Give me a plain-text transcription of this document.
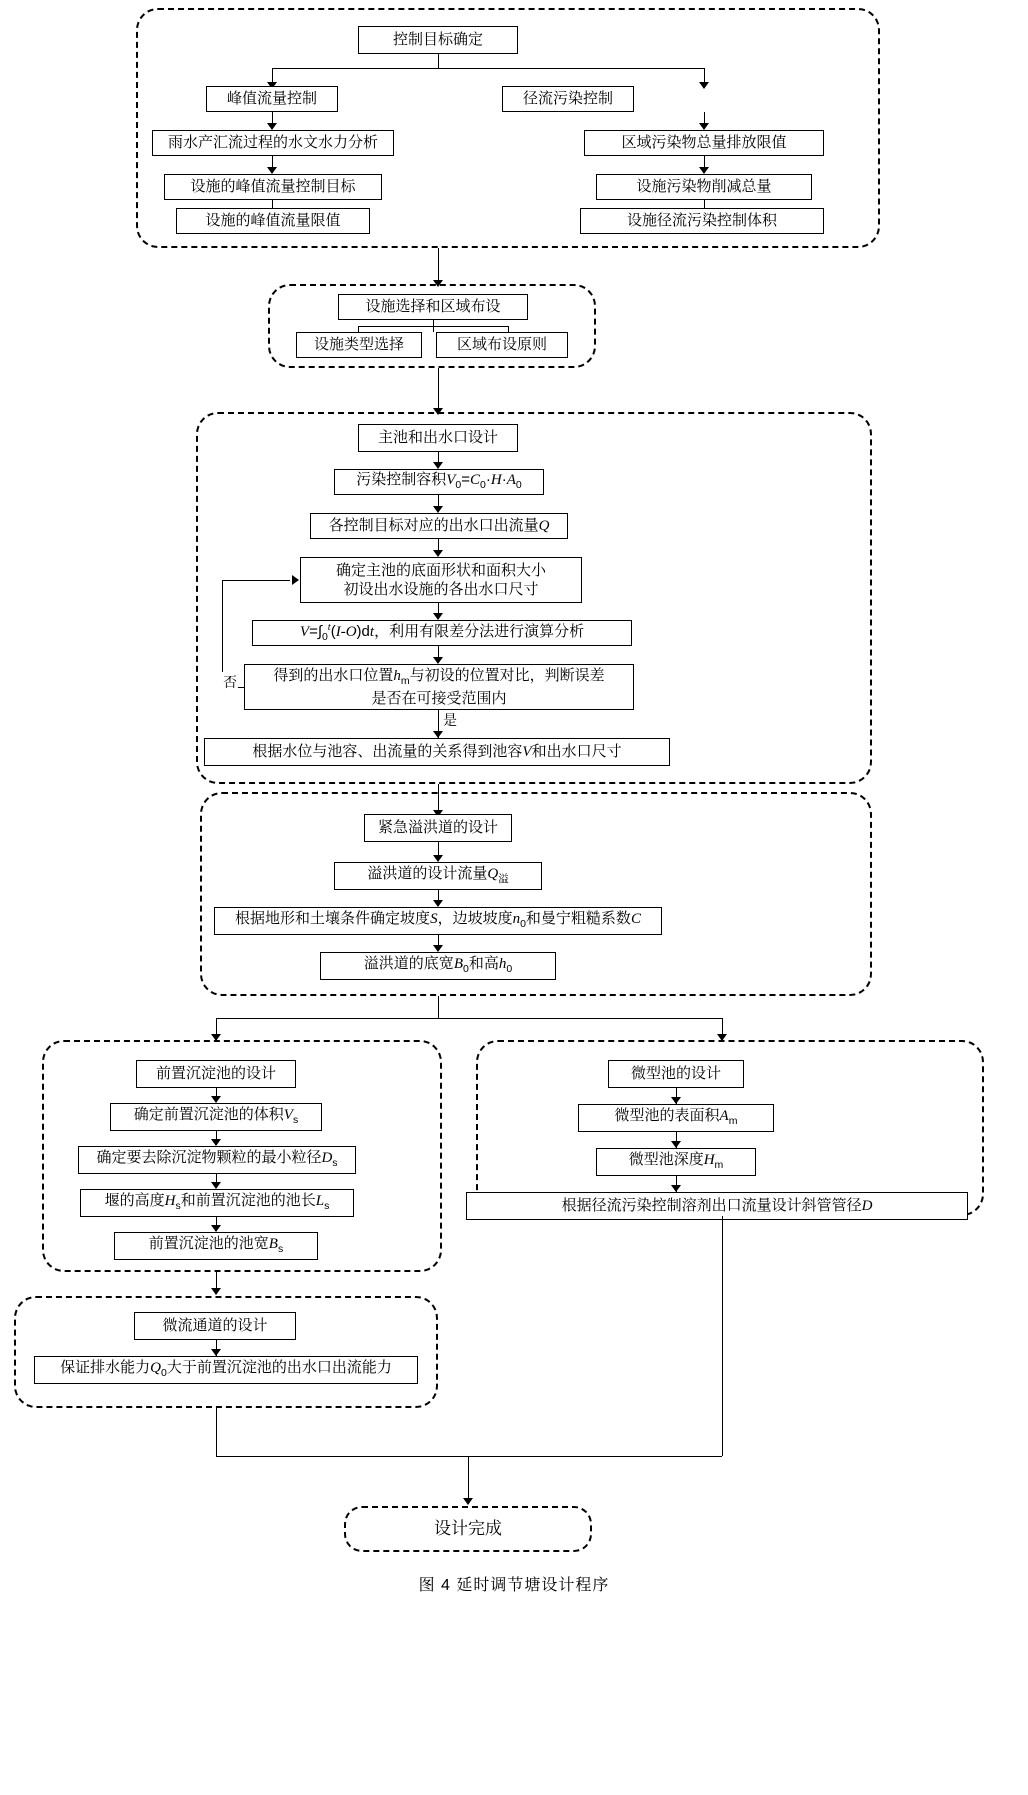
控制目标确定
峰值流量控制	径流污染控制
雨水产汇流过程的水文水力分析
设施的峰值流量控制目标
设施的峰值流量限值
区域污染物总量排放限值
设施污染物削减总量
设施径流污染控制体积
设施选择和区域布设
设施类型选择	区域布设原则
主池和出水口设计
污染控制容积$V_0=C_0\cdot H\cdot A_0$
各控制目标对应的出水口出流量Q
确定主池的底面形状和面积大小
初设出水设施的各出水口尺寸
$V=\int_0^t(I-O)dt$，利用有限差分法进行演算分析
得到的出水口位置$h_m$与初设的位置对比，判断误差
是否在可接受范围内
否
是
根据水位与池容、出流量的关系得到池容V和出水口尺寸
紧急溢洪道的设计
溢洪道的设计流量$Q_溢$
根据地形和土壤条件确定坡度S，边坡坡度$n_0$和曼宁粗糙系数C
溢洪道的底宽$B_0$和高$h_0$
前置沉淀池的设计
确定前置沉淀池的体积$V_s$
确定要去除沉淀物颗粒的最小粒径$D_s$
堰的高度$H_s$和前置沉淀池的池长$L_s$
前置沉淀池的池宽$B_s$
微型池的设计
微型池的表面积$A_m$
微型池深度$H_m$
根据径流污染控制溶剂出口流量设计斜管管径D
微流通道的设计
保证排水能力$Q_0$大于前置沉淀池的出水口出流能力
设计完成
图 4 延时调节塘设计程序
